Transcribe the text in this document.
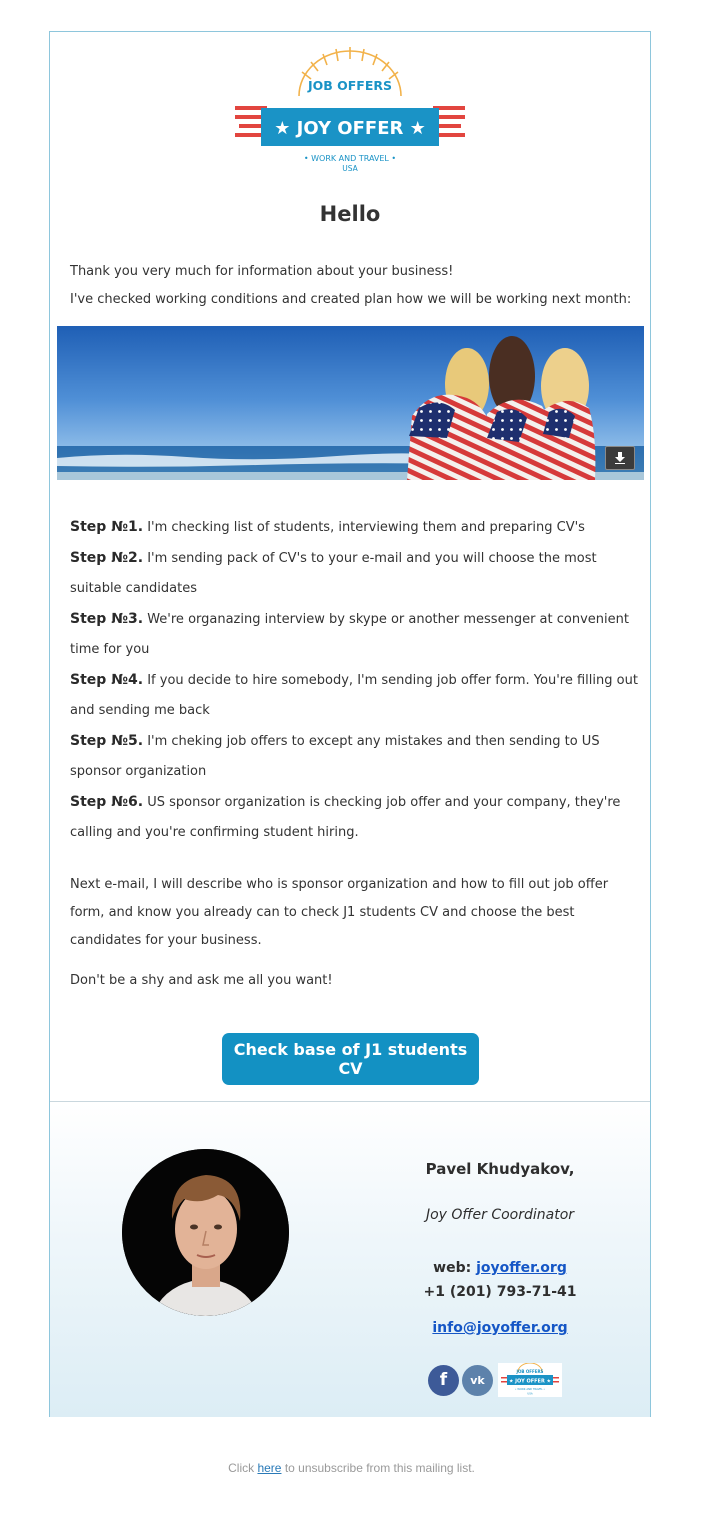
JOB OFFERS
★ JOY OFFER ★
• WORK AND TRAVEL •
USA
Hello

Thank you very much for information about your business!

I've checked working conditions and created plan how we will be working next month:

Step №1. I'm checking list of students, interviewing them and preparing CV's

Step №2. I'm sending pack of CV's to your e-mail and you will choose the most suitable candidates

Step №3. We're organazing interview by skype or another messenger at convenient time for you

Step №4. If you decide to hire somebody, I'm sending job offer form. You're filling out and sending me back

Step №5. I'm cheking job offers to except any mistakes and then sending to US sponsor organization

Step №6. US sponsor organization is checking job offer and your company, they're calling and you're confirming student hiring.

Next e-mail, I will describe who is sponsor organization and how to fill out job offer form, and know you already can to check J1 students CV and choose the best candidates for your business.

Don't be a shy and ask me all you want!

Check base of J1 students CV
Pavel Khudyakov,
Joy Offer Coordinator
web: joyoffer.org
+1 (201) 793-71-41
info@joyoffer.org
f	vk
JOB OFFERS
★ JOY OFFER ★
• WORK AND TRAVEL •
USA
Click here to unsubscribe from this mailing list.
